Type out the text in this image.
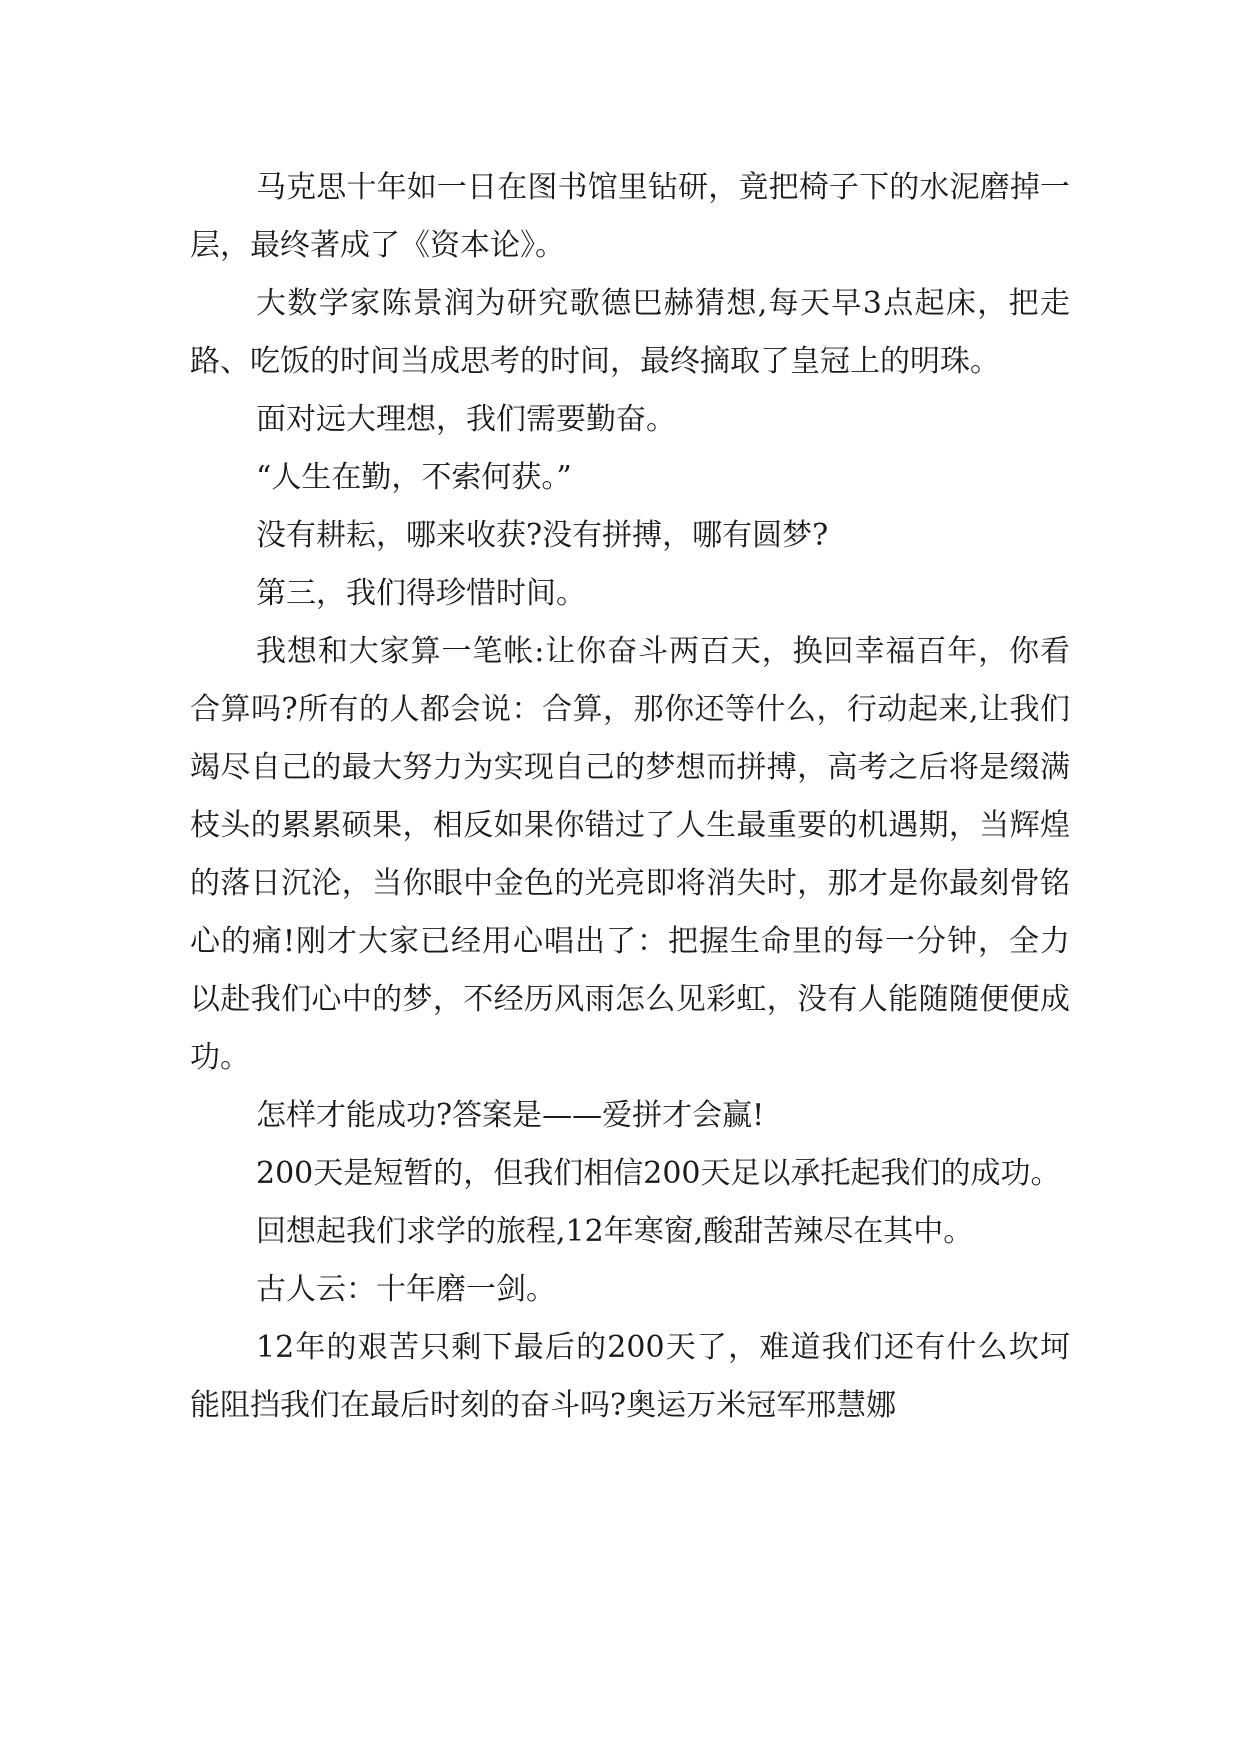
马克思十年如一日在图书馆里钻研，竟把椅子下的水泥磨掉一层，最终著成了《资本论》。

大数学家陈景润为研究歌德巴赫猜想,每天早3点起床，把走路、吃饭的时间当成思考的时间，最终摘取了皇冠上的明珠。

面对远大理想，我们需要勤奋。

“人生在勤，不索何获。”

没有耕耘，哪来收获?没有拼搏，哪有圆梦?

第三，我们得珍惜时间。

我想和大家算一笔帐:让你奋斗两百天，换回幸福百年，你看合算吗?所有的人都会说：合算，那你还等什么，行动起来,让我们竭尽自己的最大努力为实现自己的梦想而拼搏，高考之后将是缀满枝头的累累硕果，相反如果你错过了人生最重要的机遇期，当辉煌的落日沉沦，当你眼中金色的光亮即将消失时，那才是你最刻骨铭心的痛!刚才大家已经用心唱出了：把握生命里的每一分钟，全力以赴我们心中的梦，不经历风雨怎么见彩虹，没有人能随随便便成功。

怎样才能成功?答案是——爱拼才会赢!

200天是短暂的，但我们相信200天足以承托起我们的成功。

回想起我们求学的旅程,12年寒窗,酸甜苦辣尽在其中。

古人云：十年磨一剑。

12年的艰苦只剩下最后的200天了，难道我们还有什么坎坷能阻挡我们在最后时刻的奋斗吗?奥运万米冠军邢慧娜
